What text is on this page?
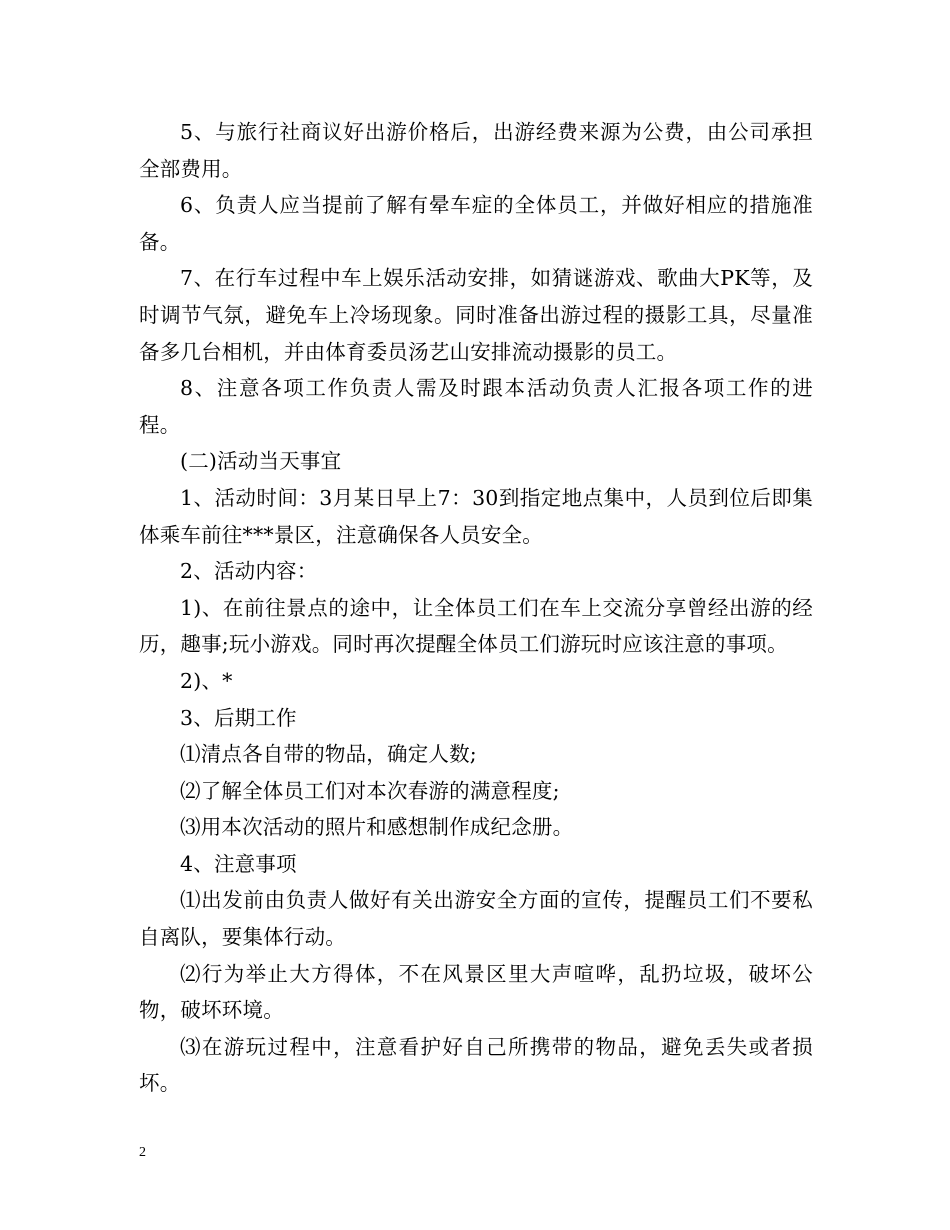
5、与旅行社商议好出游价格后，出游经费来源为公费，由公司承担全部费用。

6、负责人应当提前了解有晕车症的全体员工，并做好相应的措施准备。

7、在行车过程中车上娱乐活动安排，如猜谜游戏、歌曲大PK等，及时调节气氛，避免车上冷场现象。同时准备出游过程的摄影工具，尽量准备多几台相机，并由体育委员汤艺山安排流动摄影的员工。

8、注意各项工作负责人需及时跟本活动负责人汇报各项工作的进程。

(二)活动当天事宜

1、活动时间：3月某日早上7：30到指定地点集中，人员到位后即集体乘车前往***景区，注意确保各人员安全。

2、活动内容：

1)、在前往景点的途中，让全体员工们在车上交流分享曾经出游的经历，趣事;玩小游戏。同时再次提醒全体员工们游玩时应该注意的事项。

2)、*

3、后期工作

⑴清点各自带的物品，确定人数;

⑵了解全体员工们对本次春游的满意程度;

⑶用本次活动的照片和感想制作成纪念册。

4、注意事项

⑴出发前由负责人做好有关出游安全方面的宣传，提醒员工们不要私自离队，要集体行动。

⑵行为举止大方得体，不在风景区里大声喧哗，乱扔垃圾，破坏公物，破坏环境。

⑶在游玩过程中，注意看护好自己所携带的物品，避免丢失或者损坏。

2
